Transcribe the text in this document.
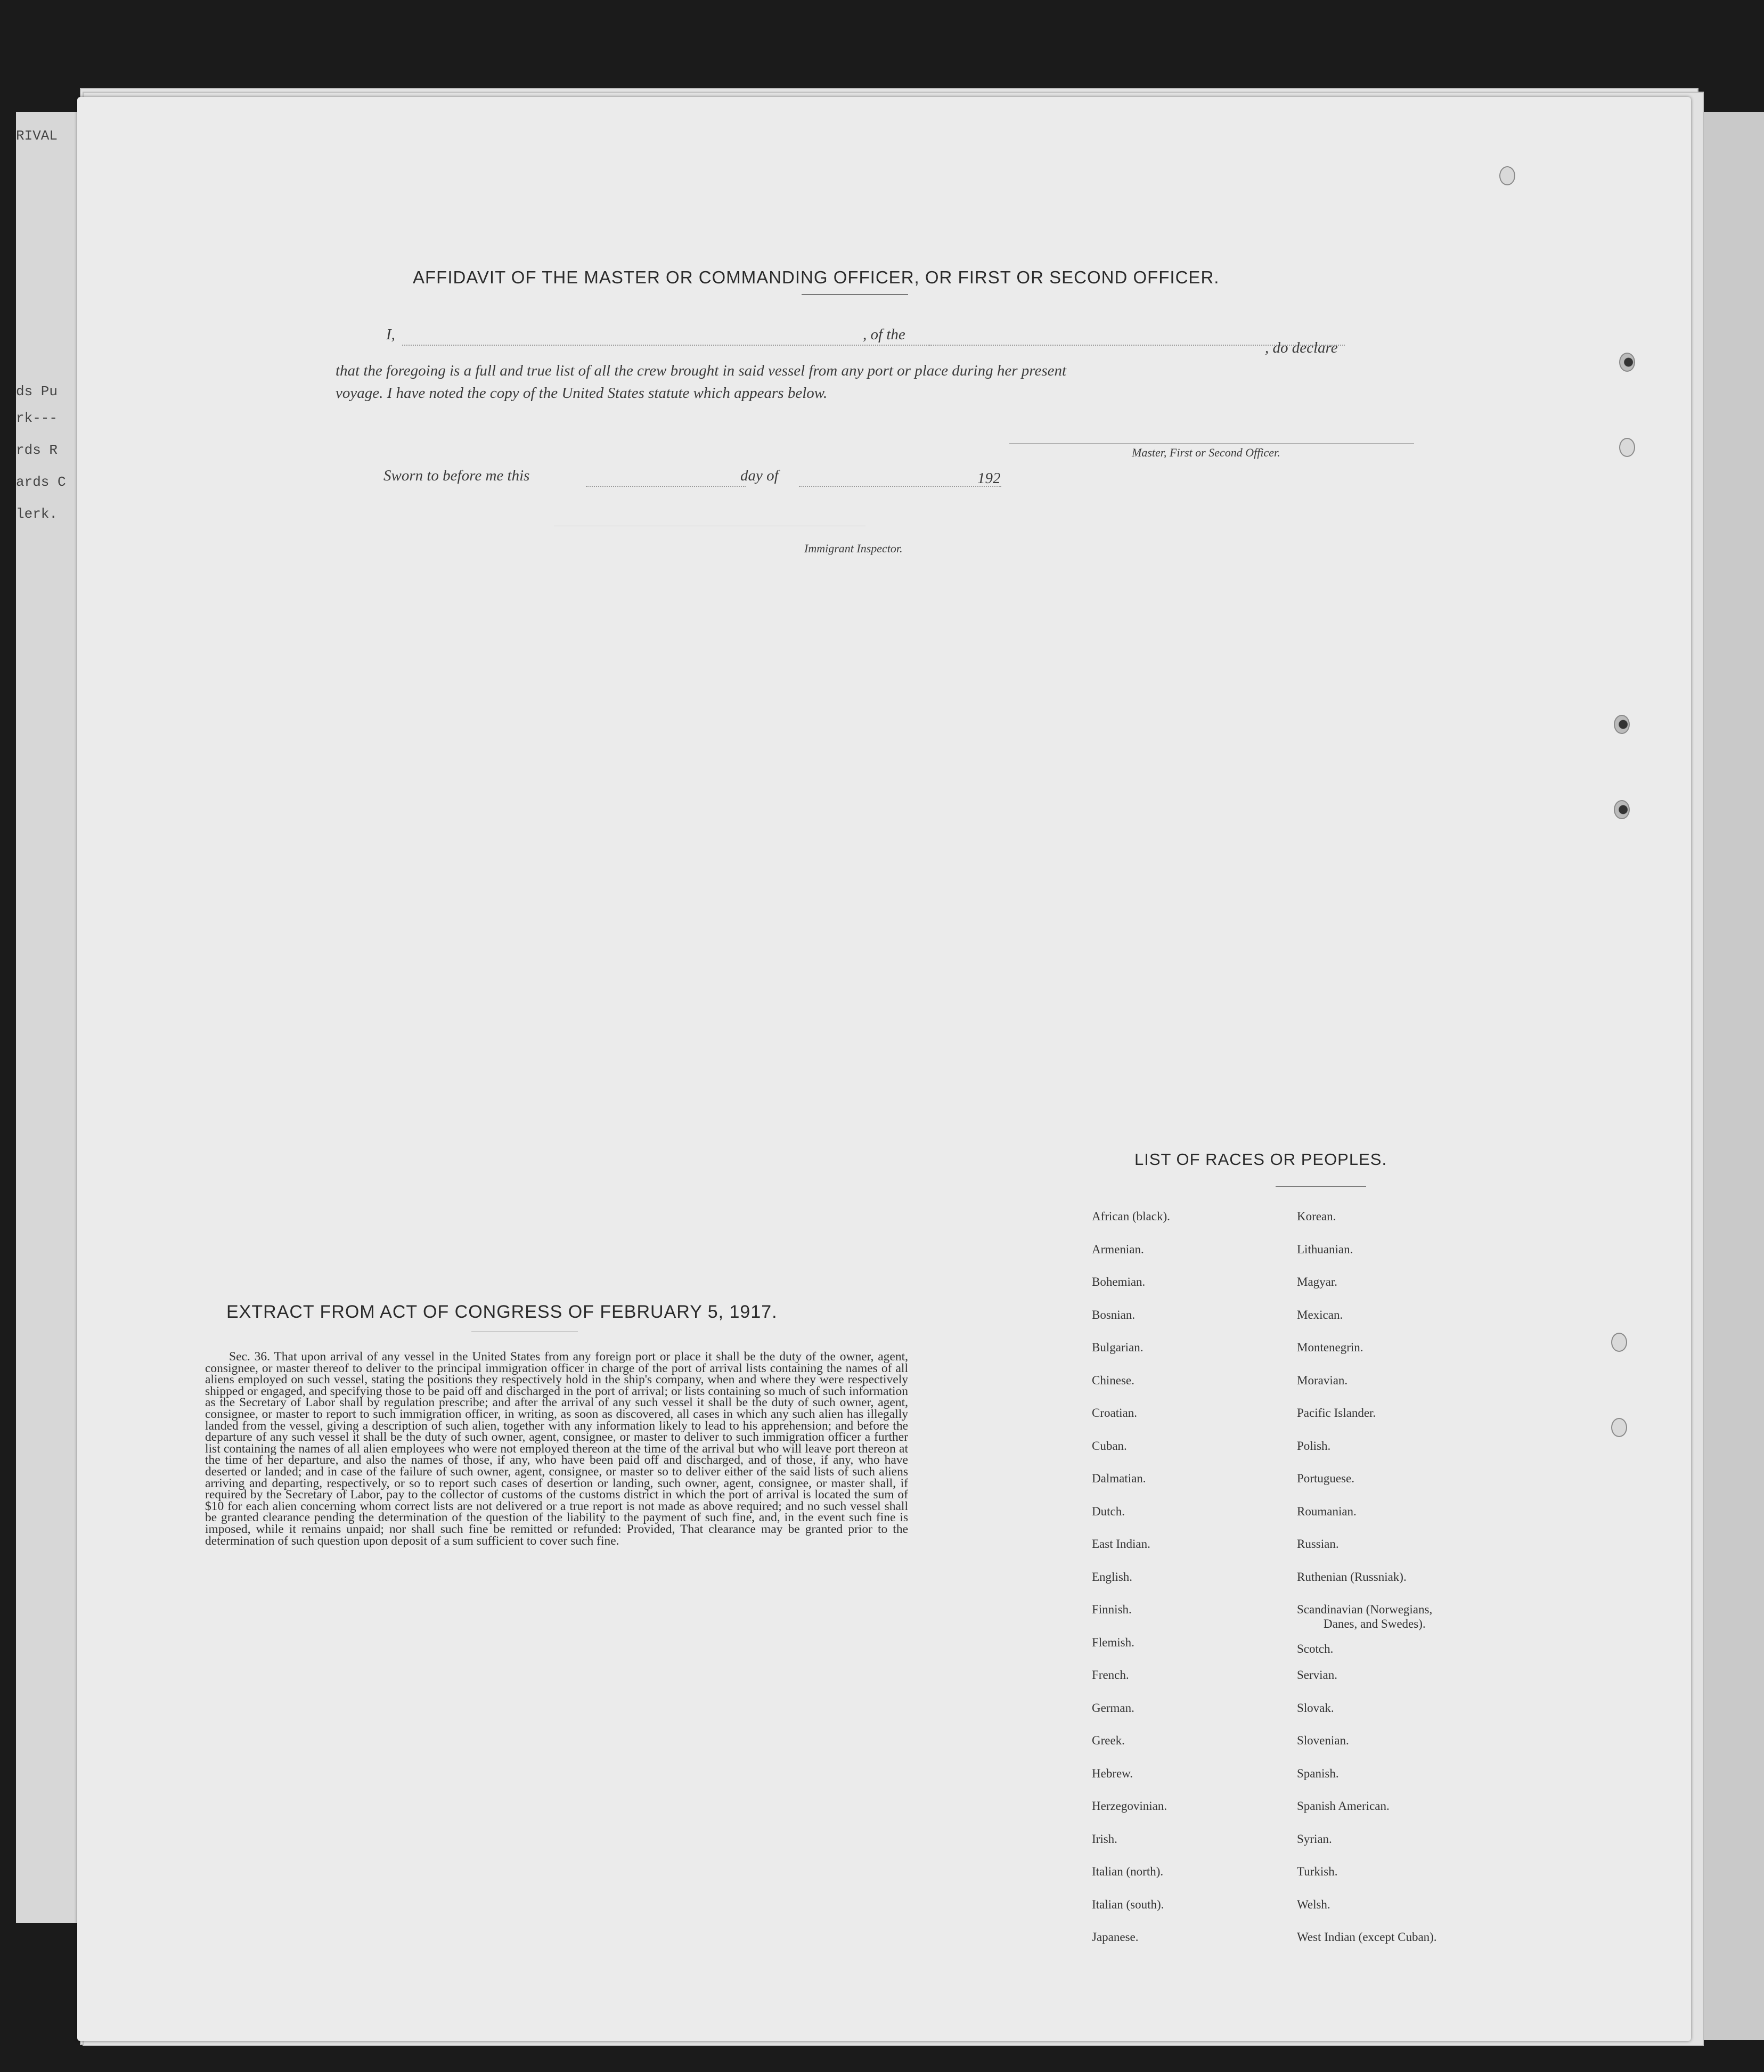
RIVAL
ds Pu
rk---
rds R
ards C
lerk.
AFFIDAVIT OF THE MASTER OR COMMANDING OFFICER, OR FIRST OR SECOND OFFICER.
I,	, of the
, do declare
that the foregoing is a full and true list of all the crew brought in said vessel from any port or place during her present
voyage. I have noted the copy of the United States statute which appears below.
Master, First or Second Officer.
Sworn to before me this	day of	192
Immigrant Inspector.
EXTRACT FROM ACT OF CONGRESS OF FEBRUARY 5, 1917.
Sec. 36. That upon arrival of any vessel in the United States from any foreign port or place it shall be the duty of the owner, agent, consignee, or master thereof to deliver to the principal immigration officer in charge of the port of arrival lists containing the names of all aliens employed on such vessel, stating the positions they respectively hold in the ship's company, when and where they were respectively shipped or engaged, and specifying those to be paid off and discharged in the port of arrival; or lists containing so much of such information as the Secretary of Labor shall by regulation prescribe; and after the arrival of any such vessel it shall be the duty of such owner, agent, consignee, or master to report to such immigration officer, in writing, as soon as discovered, all cases in which any such alien has illegally landed from the vessel, giving a description of such alien, together with any information likely to lead to his apprehension; and before the departure of any such vessel it shall be the duty of such owner, agent, consignee, or master to deliver to such immigration officer a further list containing the names of all alien employees who were not employed thereon at the time of the arrival but who will leave port thereon at the time of her departure, and also the names of those, if any, who have been paid off and discharged, and of those, if any, who have deserted or landed; and in case of the failure of such owner, agent, consignee, or master so to deliver either of the said lists of such aliens arriving and departing, respectively, or so to report such cases of desertion or landing, such owner, agent, consignee, or master shall, if required by the Secretary of Labor, pay to the collector of customs of the customs district in which the port of arrival is located the sum of $10 for each alien concerning whom correct lists are not delivered or a true report is not made as above required; and no such vessel shall be granted clearance pending the determination of the question of the liability to the payment of such fine, and, in the event such fine is imposed, while it remains unpaid; nor shall such fine be remitted or refunded: Provided, That clearance may be granted prior to the determination of such question upon deposit of a sum sufficient to cover such fine.
LIST OF RACES OR PEOPLES.
African (black).
Armenian.
Bohemian.
Bosnian.
Bulgarian.
Chinese.
Croatian.
Cuban.
Dalmatian.
Dutch.
East Indian.
English.
Finnish.
Flemish.
French.
German.
Greek.
Hebrew.
Herzegovinian.
Irish.
Italian (north).
Italian (south).
Japanese.
Korean.
Lithuanian.
Magyar.
Mexican.
Montenegrin.
Moravian.
Pacific Islander.
Polish.
Portuguese.
Roumanian.
Russian.
Ruthenian (Russniak).
Scandinavian (Norwegians,
Danes, and Swedes).
Scotch.
Servian.
Slovak.
Slovenian.
Spanish.
Spanish American.
Syrian.
Turkish.
Welsh.
West Indian (except Cuban).
